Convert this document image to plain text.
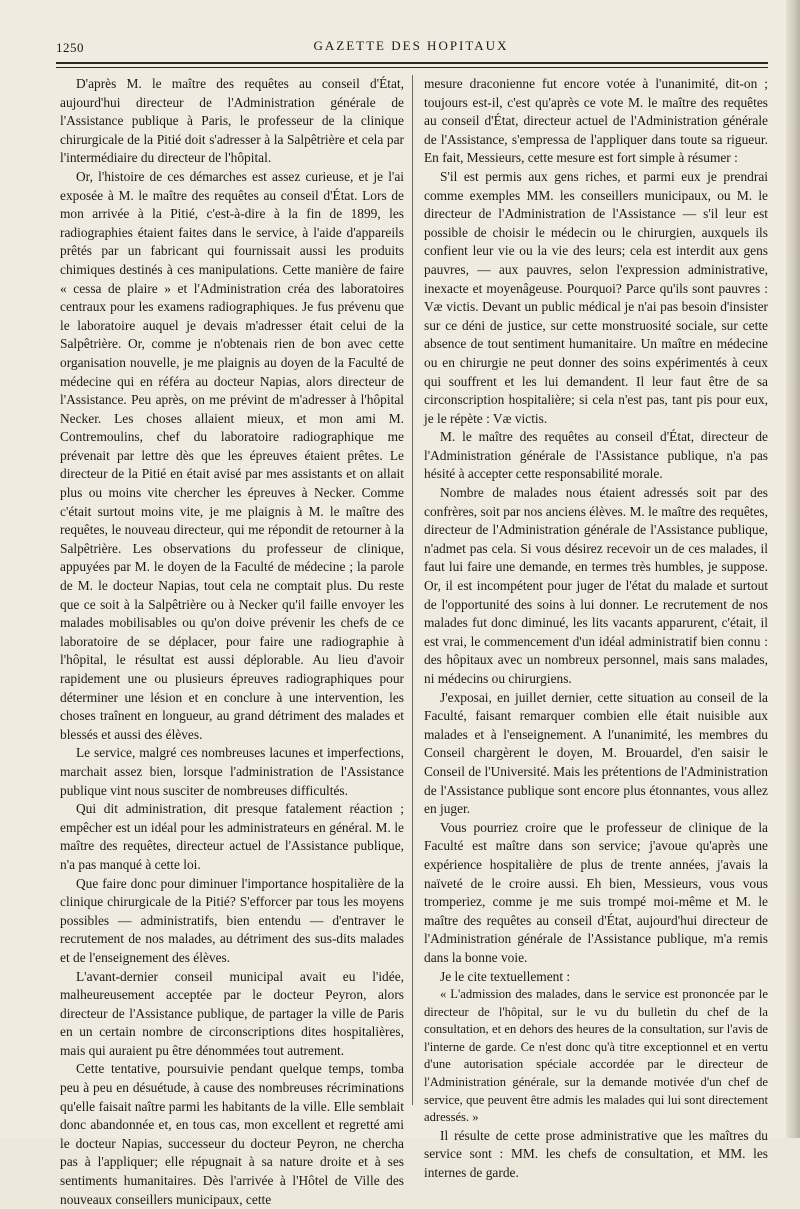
1250	GAZETTE DES HOPITAUX

D'après M. le maître des requêtes au conseil d'État, aujourd'hui directeur de l'Administration générale de l'Assistance publique à Paris, le professeur de la clinique chirurgicale de la Pitié doit s'adresser à la Salpêtrière et cela par l'intermédiaire du directeur de l'hôpital.

Or, l'histoire de ces démarches est assez curieuse, et je l'ai exposée à M. le maître des requêtes au conseil d'État. Lors de mon arrivée à la Pitié, c'est-à-dire à la fin de 1899, les radiographies étaient faites dans le service, à l'aide d'appareils prêtés par un fabricant qui fournissait aussi les produits chimiques destinés à ces manipulations. Cette manière de faire « cessa de plaire » et l'Administration créa des laboratoires centraux pour les examens radiographiques. Je fus prévenu que le laboratoire auquel je devais m'adresser était celui de la Salpêtrière. Or, comme je n'obtenais rien de bon avec cette organisation nouvelle, je me plaignis au doyen de la Faculté de médecine qui en référa au docteur Napias, alors directeur de l'Assistance. Peu après, on me prévint de m'adresser à l'hôpital Necker. Les choses allaient mieux, et mon ami M. Contremoulins, chef du laboratoire radiographique me prévenait par lettre dès que les épreuves étaient prêtes. Le directeur de la Pitié en était avisé par mes assistants et on allait plus ou moins vite chercher les épreuves à Necker. Comme c'était surtout moins vite, je me plaignis à M. le maître des requêtes, le nouveau directeur, qui me répondit de retourner à la Salpêtrière. Les observations du professeur de clinique, appuyées par M. le doyen de la Faculté de médecine ; la parole de M. le docteur Napias, tout cela ne comptait plus. Du reste que ce soit à la Salpêtrière ou à Necker qu'il faille envoyer les malades mobilisables ou qu'on doive prévenir les chefs de ce laboratoire de se déplacer, pour faire une radiographie à l'hôpital, le résultat est aussi déplorable. Au lieu d'avoir rapidement une ou plusieurs épreuves radiographiques pour déterminer une lésion et en conclure à une intervention, les choses traînent en longueur, au grand détriment des malades et blessés et aussi des élèves.

Le service, malgré ces nombreuses lacunes et imperfections, marchait assez bien, lorsque l'administration de l'Assistance publique vint nous susciter de nombreuses difficultés.

Qui dit administration, dit presque fatalement réaction ; empêcher est un idéal pour les administrateurs en général. M. le maître des requêtes, directeur actuel de l'Assistance publique, n'a pas manqué à cette loi.

Que faire donc pour diminuer l'importance hospitalière de la clinique chirurgicale de la Pitié? S'efforcer par tous les moyens possibles — administratifs, bien entendu — d'entraver le recrutement de nos malades, au détriment des sus-dits malades et de l'enseignement des élèves.

L'avant-dernier conseil municipal avait eu l'idée, malheureusement acceptée par le docteur Peyron, alors directeur de l'Assistance publique, de partager la ville de Paris en un certain nombre de circonscriptions dites hospitalières, mais qui auraient pu être dénommées tout autrement.

Cette tentative, poursuivie pendant quelque temps, tomba peu à peu en désuétude, à cause des nombreuses récriminations qu'elle faisait naître parmi les habitants de la ville. Elle semblait donc abandonnée et, en tous cas, mon excellent et regretté ami le docteur Napias, successeur du docteur Peyron, ne chercha pas à l'appliquer; elle répugnait à sa nature droite et à ses sentiments humanitaires. Dès l'arrivée à l'Hôtel de Ville des nouveaux conseillers municipaux, cette

mesure draconienne fut encore votée à l'unanimité, dit-on ; toujours est-il, c'est qu'après ce vote M. le maître des requêtes au conseil d'État, directeur actuel de l'Administration générale de l'Assistance, s'empressa de l'appliquer dans toute sa rigueur. En fait, Messieurs, cette mesure est fort simple à résumer :

S'il est permis aux gens riches, et parmi eux je prendrai comme exemples MM. les conseillers municipaux, ou M. le directeur de l'Administration de l'Assistance — s'il leur est possible de choisir le médecin ou le chirurgien, auxquels ils confient leur vie ou la vie des leurs; cela est interdit aux gens pauvres, — aux pauvres, selon l'expression administrative, inexacte et moyenâgeuse. Pourquoi? Parce qu'ils sont pauvres : Væ victis. Devant un public médical je n'ai pas besoin d'insister sur ce déni de justice, sur cette monstruosité sociale, sur cette absence de tout sentiment humanitaire. Un maître en médecine ou en chirurgie ne peut donner des soins expérimentés à ceux qui souffrent et les lui demandent. Il leur faut être de sa circonscription hospitalière; si cela n'est pas, tant pis pour eux, je le répète : Væ victis.

M. le maître des requêtes au conseil d'État, directeur de l'Administration générale de l'Assistance publique, n'a pas hésité à accepter cette responsabilité morale.

Nombre de malades nous étaient adressés soit par des confrères, soit par nos anciens élèves. M. le maître des requêtes, directeur de l'Administration générale de l'Assistance publique, n'admet pas cela. Si vous désirez recevoir un de ces malades, il faut lui faire une demande, en termes très humbles, je suppose. Or, il est incompétent pour juger de l'état du malade et surtout de l'opportunité des soins à lui donner. Le recrutement de nos malades fut donc diminué, les lits vacants apparurent, c'était, il est vrai, le commencement d'un idéal administratif bien connu : des hôpitaux avec un nombreux personnel, mais sans malades, ni médecins ou chirurgiens.

J'exposai, en juillet dernier, cette situation au conseil de la Faculté, faisant remarquer combien elle était nuisible aux malades et à l'enseignement. A l'unanimité, les membres du Conseil chargèrent le doyen, M. Brouardel, d'en saisir le Conseil de l'Université. Mais les prétentions de l'Administration de l'Assistance publique sont encore plus étonnantes, vous allez en juger.

Vous pourriez croire que le professeur de clinique de la Faculté est maître dans son service; j'avoue qu'après une expérience hospitalière de plus de trente années, j'avais la naïveté de le croire aussi. Eh bien, Messieurs, vous vous tromperiez, comme je me suis trompé moi-même et M. le maître des requêtes au conseil d'État, aujourd'hui directeur de l'Administration générale de l'Assistance publique, m'a remis dans la bonne voie.

Je le cite textuellement :

« L'admission des malades, dans le service est prononcée par le directeur de l'hôpital, sur le vu du bulletin du chef de la consultation, et en dehors des heures de la consultation, sur l'avis de l'interne de garde. Ce n'est donc qu'à titre exceptionnel et en vertu d'une autorisation spéciale accordée par le directeur de l'Administration générale, sur la demande motivée d'un chef de service, que peuvent être admis les malades qui lui sont directement adressés. »

Il résulte de cette prose administrative que les maîtres du service sont : MM. les chefs de consultation, et MM. les internes de garde.
